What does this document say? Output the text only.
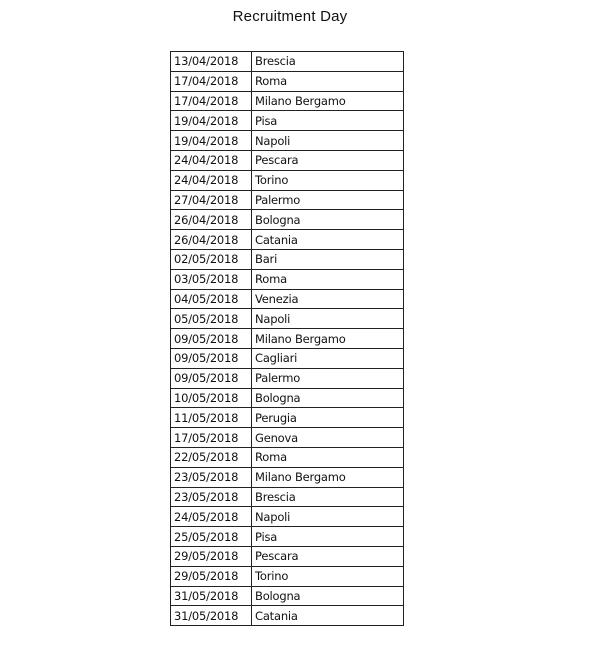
Recruitment Day
13/04/2018	Brescia
17/04/2018	Roma
17/04/2018	Milano Bergamo
19/04/2018	Pisa
19/04/2018	Napoli
24/04/2018	Pescara
24/04/2018	Torino
27/04/2018	Palermo
26/04/2018	Bologna
26/04/2018	Catania
02/05/2018	Bari
03/05/2018	Roma
04/05/2018	Venezia
05/05/2018	Napoli
09/05/2018	Milano Bergamo
09/05/2018	Cagliari
09/05/2018	Palermo
10/05/2018	Bologna
11/05/2018	Perugia
17/05/2018	Genova
22/05/2018	Roma
23/05/2018	Milano Bergamo
23/05/2018	Brescia
24/05/2018	Napoli
25/05/2018	Pisa
29/05/2018	Pescara
29/05/2018	Torino
31/05/2018	Bologna
31/05/2018	Catania
